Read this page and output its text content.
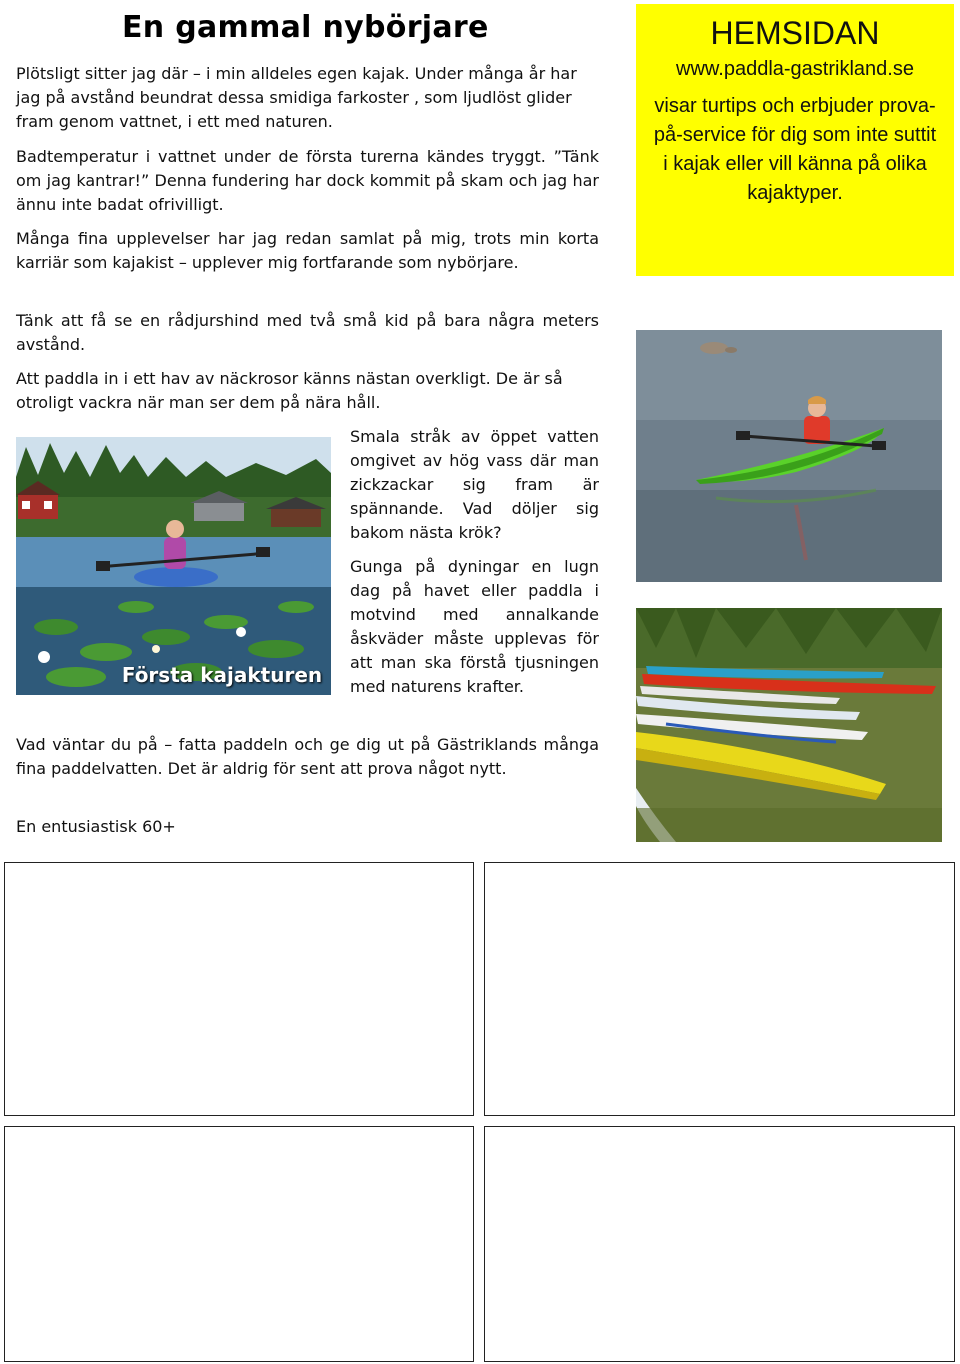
En gammal nybörjare

Plötsligt sitter jag där – i min alldeles egen kajak. Under många år har jag på avstånd beundrat dessa smidiga farkoster , som ljudlöst glider fram genom vattnet, i ett med naturen.

Badtemperatur i vattnet under de första turerna kändes tryggt. ”Tänk om jag kantrar!” Denna fundering har dock kommit på skam och jag har ännu inte badat ofrivilligt.

Många fina upplevelser har jag redan samlat på mig, trots min korta karriär som kajakist – upplever mig fortfarande som nybörjare.

Tänk att få se en rådjurshind med två små kid på bara några meters avstånd.

Att paddla in i ett hav av näckrosor känns nästan overkligt. De är så otroligt vackra när man ser dem på nära håll.

Första kajakturen

Smala stråk av öppet vatten omgivet av hög vass där man zickzackar sig fram är spännande. Vad döljer sig bakom nästa krök?

Gunga på dyningar en lugn dag på havet eller paddla i motvind med annalkande åskväder måste upplevas för att man ska förstå tjusningen med naturens krafter.

Vad väntar du på – fatta paddeln och ge dig ut på Gästriklands många fina paddelvatten. Det är aldrig för sent att prova något nytt.

En entusiastisk 60+

HEMSIDAN
www.paddla-gastrikland.se
visar turtips och erbjuder prova-på-service för dig som inte suttit i kajak eller vill känna på olika kajaktyper.
